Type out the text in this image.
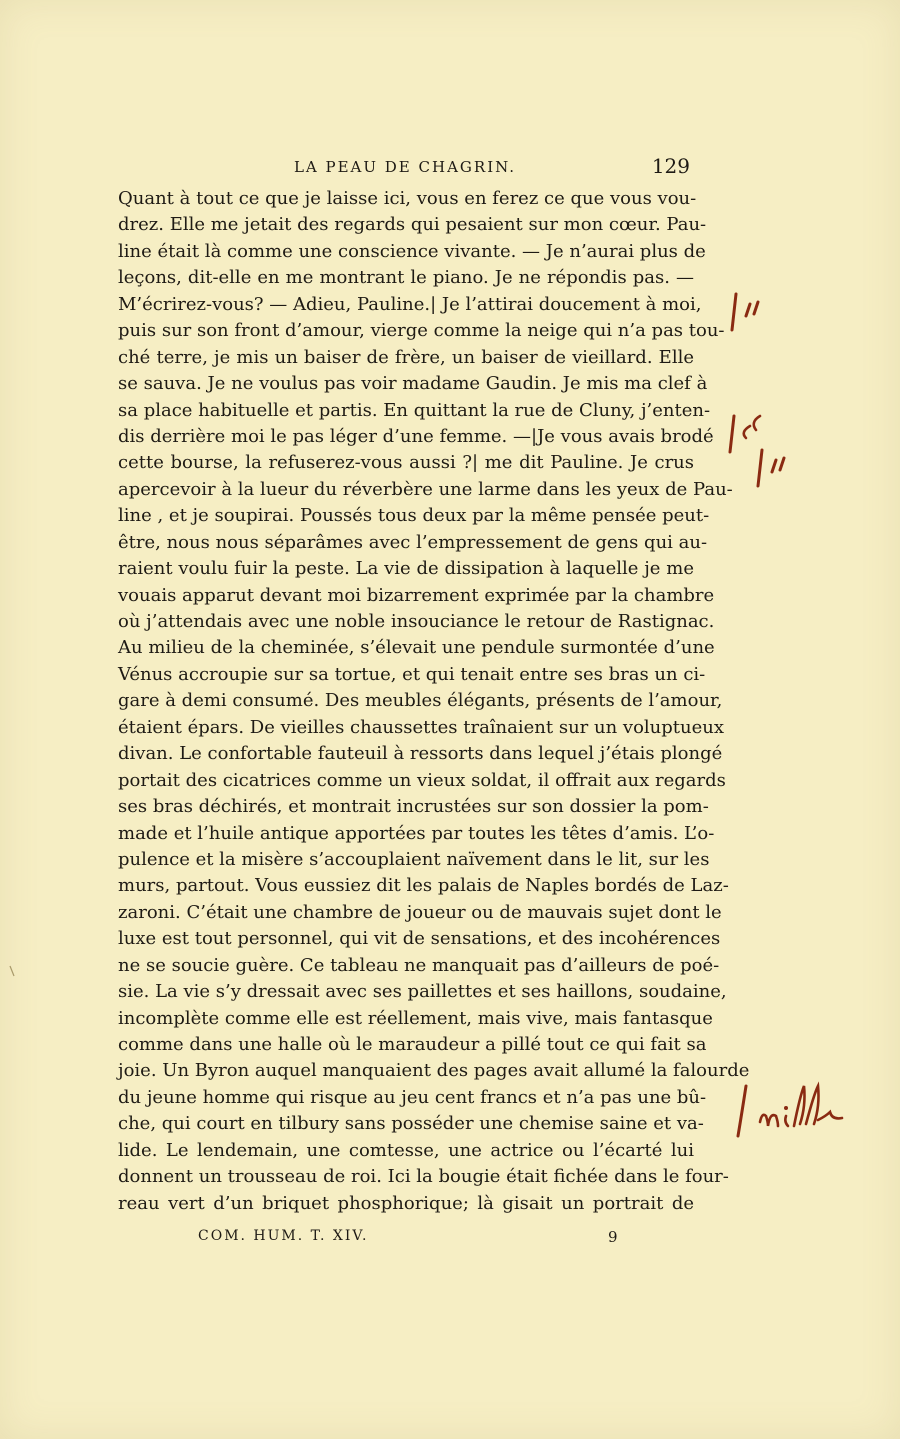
LA PEAU DE CHAGRIN.	129
Quant à tout ce que je laisse ici, vous en ferez ce que vous vou-
drez. Elle me jetait des regards qui pesaient sur mon cœur. Pau-
line était là comme une conscience vivante. — Je n’aurai plus de
leçons, dit-elle en me montrant le piano. Je ne répondis pas. —
M’écrirez-vous? — Adieu, Pauline.| Je l’attirai doucement à moi,
puis sur son front d’amour, vierge comme la neige qui n’a pas tou-
ché terre, je mis un baiser de frère, un baiser de vieillard. Elle
se sauva. Je ne voulus pas voir madame Gaudin. Je mis ma clef à
sa place habituelle et partis. En quittant la rue de Cluny, j’enten-
dis derrière moi le pas léger d’une femme. —|Je vous avais brodé
cette bourse, la refuserez-vous aussi ?| me dit Pauline. Je crus
apercevoir à la lueur du réverbère une larme dans les yeux de Pau-
line , et je soupirai. Poussés tous deux par la même pensée peut-
être, nous nous séparâmes avec l’empressement de gens qui au-
raient voulu fuir la peste. La vie de dissipation à laquelle je me
vouais apparut devant moi bizarrement exprimée par la chambre
où j’attendais avec une noble insouciance le retour de Rastignac.
Au milieu de la cheminée, s’élevait une pendule surmontée d’une
Vénus accroupie sur sa tortue, et qui tenait entre ses bras un ci-
gare à demi consumé. Des meubles élégants, présents de l’amour,
étaient épars. De vieilles chaussettes traînaient sur un voluptueux
divan. Le confortable fauteuil à ressorts dans lequel j’étais plongé
portait des cicatrices comme un vieux soldat, il offrait aux regards
ses bras déchirés, et montrait incrustées sur son dossier la pom-
made et l’huile antique apportées par toutes les têtes d’amis. L’o-
pulence et la misère s’accouplaient naïvement dans le lit, sur les
murs, partout. Vous eussiez dit les palais de Naples bordés de Laz-
zaroni. C’était une chambre de joueur ou de mauvais sujet dont le
luxe est tout personnel, qui vit de sensations, et des incohérences
ne se soucie guère. Ce tableau ne manquait pas d’ailleurs de poé-
sie. La vie s’y dressait avec ses paillettes et ses haillons, soudaine,
incomplète comme elle est réellement, mais vive, mais fantasque
comme dans une halle où le maraudeur a pillé tout ce qui fait sa
joie. Un Byron auquel manquaient des pages avait allumé la falourde
du jeune homme qui risque au jeu cent francs et n’a pas une bû-
che, qui court en tilbury sans posséder une chemise saine et va-
lide. Le lendemain, une comtesse, une actrice ou l’écarté lui
donnent un trousseau de roi. Ici la bougie était fichée dans le four-
reau vert d’un briquet phosphorique; là gisait un portrait de
COM. HUM. T. XIV.	9
